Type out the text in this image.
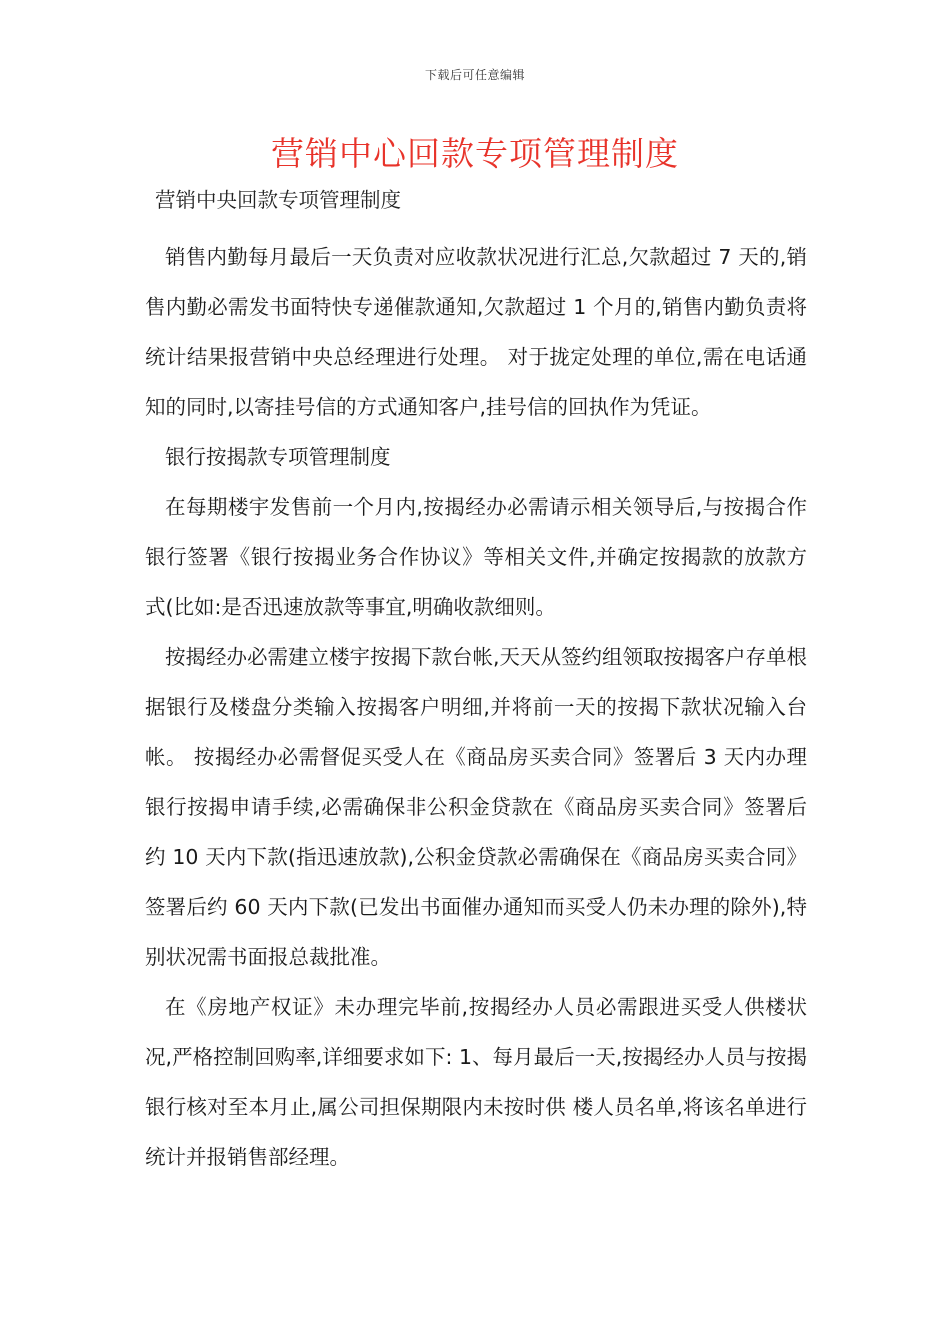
下载后可任意编辑
营销中心回款专项管理制度
营销中央回款专项管理制度

销售内勤每月最后一天负责对应收款状况进行汇总,欠款超过 7 天的,销售内勤必需发书面特快专递催款通知,欠款超过 1 个月的,销售内勤负责将统计结果报营销中央总经理进行处理。 对于拢定处理的单位,需在电话通知的同时,以寄挂号信的方式通知客户,挂号信的回执作为凭证。

银行按揭款专项管理制度

在每期楼宇发售前一个月内,按揭经办必需请示相关领导后,与按揭合作银行签署《银行按揭业务合作协议》等相关文件,并确定按揭款的放款方式(比如:是否迅速放款等事宜,明确收款细则。

按揭经办必需建立楼宇按揭下款台帐,天天从签约组领取按揭客户存单根据银行及楼盘分类输入按揭客户明细,并将前一天的按揭下款状况输入台帐。 按揭经办必需督促买受人在《商品房买卖合同》签署后 3 天内办理银行按揭申请手续,必需确保非公积金贷款在《商品房买卖合同》签署后约 10 天内下款(指迅速放款),公积金贷款必需确保在《商品房买卖合同》签署后约 60 天内下款(已发出书面催办通知而买受人仍未办理的除外),特别状况需书面报总裁批准。

在《房地产权证》未办理完毕前,按揭经办人员必需跟进买受人供楼状况,严格控制回购率,详细要求如下: 1、每月最后一天,按揭经办人员与按揭银行核对至本月止,属公司担保期限内未按时供 楼人员名单,将该名单进行统计并报销售部经理。
